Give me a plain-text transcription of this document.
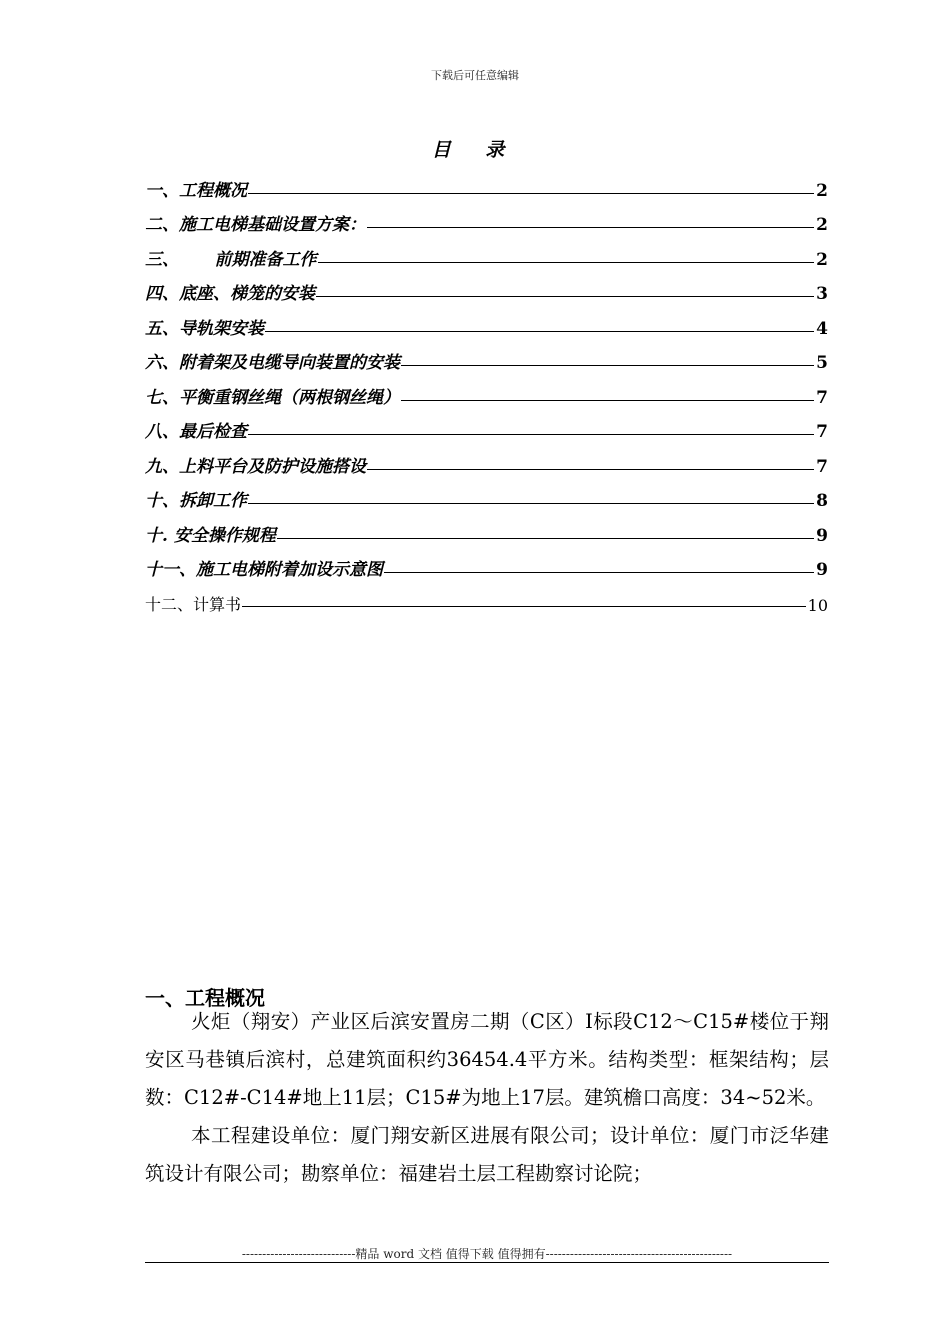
下载后可任意编辑
目 录
一、工程概况	2
二、施工电梯基础设置方案：	2
三、      前期准备工作	2
四、底座、梯笼的安装	3
五、导轨架安装	4
六、附着架及电缆导向装置的安装	5
七、平衡重钢丝绳（两根钢丝绳）	7
八、最后检查	7
九、上料平台及防护设施搭设	7
十、拆卸工作	8
十. 安全操作规程	9
十一、施工电梯附着加设示意图	9
十二、计算书	10
一、工程概况

火炬（翔安）产业区后滨安置房二期（C区）I标段C12～C15#楼位于翔安区马巷镇后滨村，总建筑面积约36454.4平方米。结构类型：框架结构；层数：C12#-C14#地上11层；C15#为地上17层。建筑檐口高度：34~52米。

本工程建设单位：厦门翔安新区进展有限公司；设计单位：厦门市泛华建筑设计有限公司；勘察单位：福建岩土层工程勘察讨论院；

----------------------------精品 word 文档 值得下载 值得拥有----------------------------------------------
